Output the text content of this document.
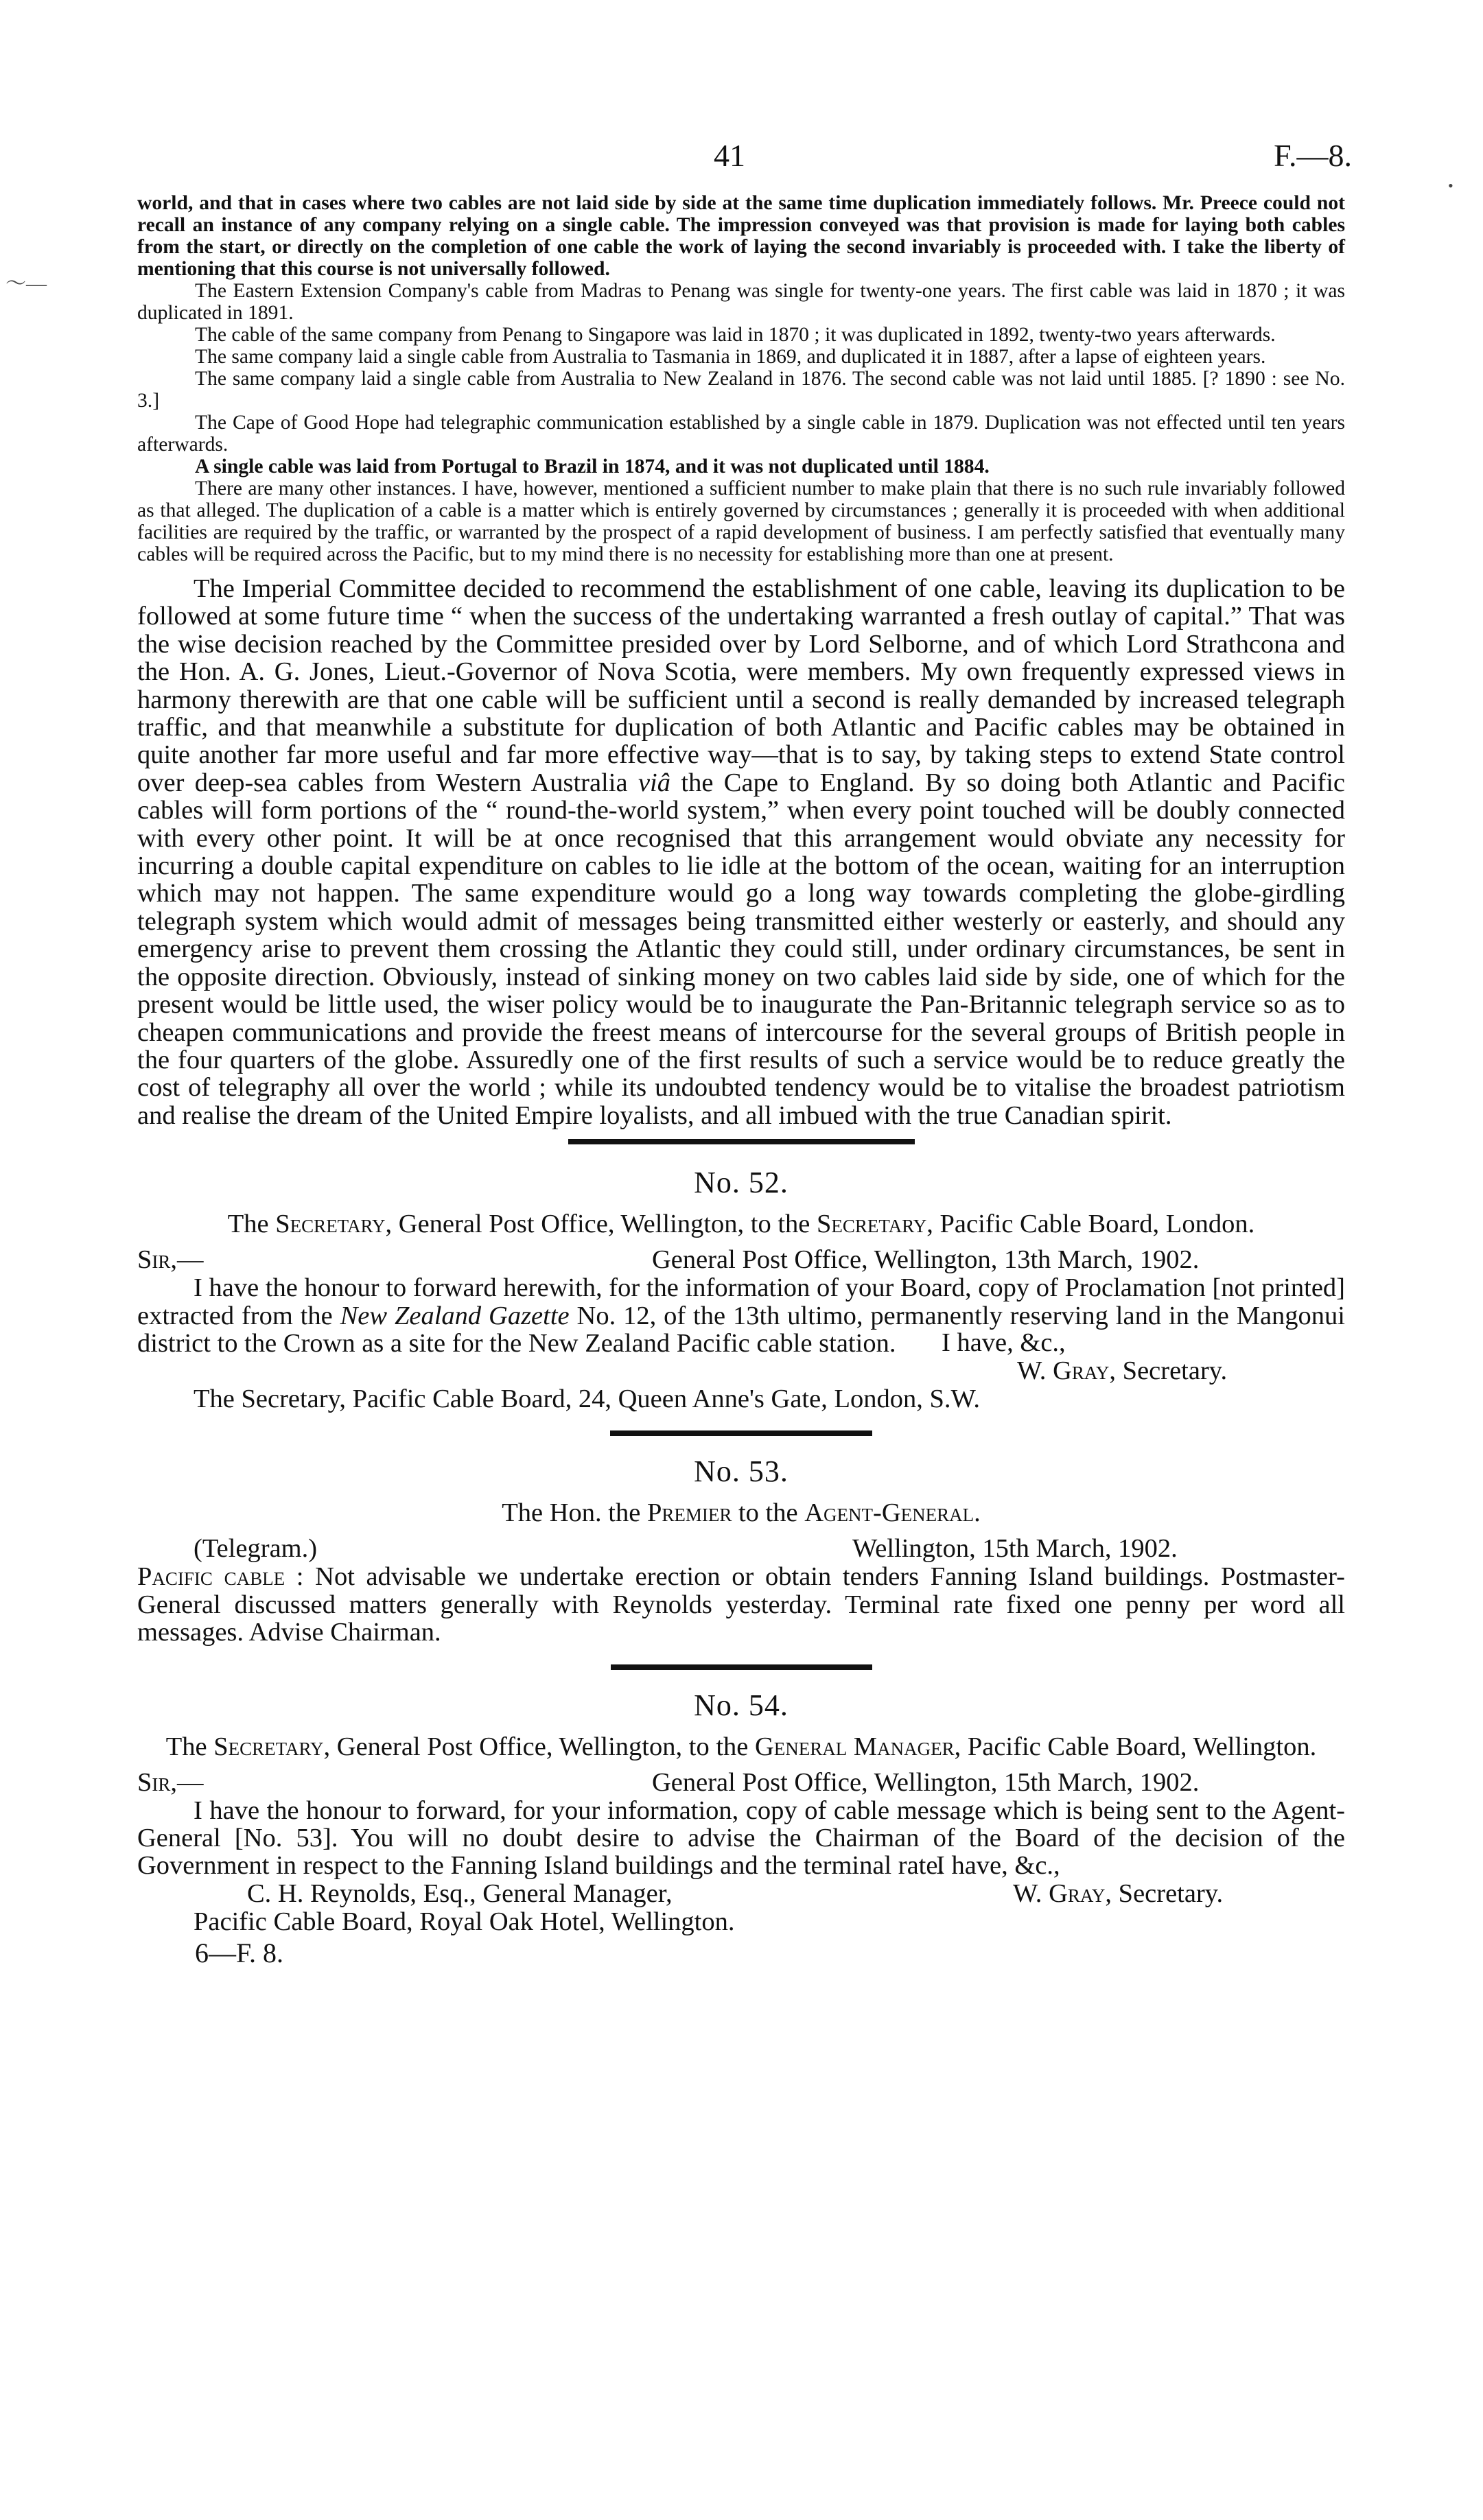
41	F.—8.

world, and that in cases where two cables are not laid side by side at the same time duplication immediately follows. Mr. Preece could not recall an instance of any company relying on a single cable. The impression conveyed was that provision is made for laying both cables from the start, or directly on the completion of one cable the work of laying the second invariably is proceeded with. I take the liberty of mentioning that this course is not universally followed.

The Eastern Extension Company's cable from Madras to Penang was single for twenty-one years. The first cable was laid in 1870 ; it was duplicated in 1891.

The cable of the same company from Penang to Singapore was laid in 1870 ; it was duplicated in 1892, twenty-two years afterwards.

The same company laid a single cable from Australia to Tasmania in 1869, and duplicated it in 1887, after a lapse of eighteen years.

The same company laid a single cable from Australia to New Zealand in 1876. The second cable was not laid until 1885. [? 1890 : see No. 3.]

The Cape of Good Hope had telegraphic communication established by a single cable in 1879. Duplication was not effected until ten years afterwards.

A single cable was laid from Portugal to Brazil in 1874, and it was not duplicated until 1884.

There are many other instances. I have, however, mentioned a sufficient number to make plain that there is no such rule invariably followed as that alleged. The duplication of a cable is a matter which is entirely governed by circumstances ; generally it is proceeded with when additional facilities are required by the traffic, or warranted by the prospect of a rapid development of business. I am perfectly satisfied that eventually many cables will be required across the Pacific, but to my mind there is no necessity for establishing more than one at present.

The Imperial Committee decided to recommend the establishment of one cable, leaving its duplication to be followed at some future time “ when the success of the undertaking warranted a fresh outlay of capital.” That was the wise decision reached by the Committee presided over by Lord Selborne, and of which Lord Strathcona and the Hon. A. G. Jones, Lieut.-Governor of Nova Scotia, were members. My own frequently expressed views in harmony therewith are that one cable will be sufficient until a second is really demanded by increased telegraph traffic, and that meanwhile a substitute for duplication of both Atlantic and Pacific cables may be obtained in quite another far more useful and far more effective way—that is to say, by taking steps to extend State control over deep-sea cables from Western Australia viâ the Cape to England. By so doing both Atlantic and Pacific cables will form portions of the “ round-the-world system,” when every point touched will be doubly connected with every other point. It will be at once recognised that this arrangement would obviate any necessity for incurring a double capital expenditure on cables to lie idle at the bottom of the ocean, waiting for an interruption which may not happen. The same expenditure would go a long way towards completing the globe-girdling telegraph system which would admit of messages being transmitted either westerly or easterly, and should any emergency arise to prevent them crossing the Atlantic they could still, under ordinary circumstances, be sent in the opposite direction. Obviously, instead of sinking money on two cables laid side by side, one of which for the present would be little used, the wiser policy would be to inaugurate the Pan-Britannic telegraph service so as to cheapen communications and provide the freest means of intercourse for the several groups of British people in the four quarters of the globe. Assuredly one of the first results of such a service would be to reduce greatly the cost of telegraphy all over the world ; while its undoubted tendency would be to vitalise the broadest patriotism and realise the dream of the United Empire loyalists, and all imbued with the true Canadian spirit.

No. 52.

The Secretary, General Post Office, Wellington, to the Secretary, Pacific Cable Board, London.

Sir,—	General Post Office, Wellington, 13th March, 1902.

I have the honour to forward herewith, for the information of your Board, copy of Proclamation [not printed] extracted from the New Zealand Gazette No. 12, of the 13th ultimo, permanently reserving land in the Mangonui district to the Crown as a site for the New Zealand Pacific cable station.	I have, &c.,
W. Gray, Secretary.

The Secretary, Pacific Cable Board, 24, Queen Anne's Gate, London, S.W.

No. 53.

The Hon. the Premier to the Agent-General.

(Telegram.)	Wellington, 15th March, 1902.

Pacific cable : Not advisable we undertake erection or obtain tenders Fanning Island buildings. Postmaster-General discussed matters generally with Reynolds yesterday. Terminal rate fixed one penny per word all messages. Advise Chairman.

No. 54.

The Secretary, General Post Office, Wellington, to the General Manager, Pacific Cable Board, Wellington.

Sir,—	General Post Office, Wellington, 15th March, 1902.

I have the honour to forward, for your information, copy of cable message which is being sent to the Agent-General [No. 53]. You will no doubt desire to advise the Chairman of the Board of the decision of the Government in respect to the Fanning Island buildings and the terminal rate.

I have, &c.,
C. H. Reynolds, Esq., General Manager,	W. Gray, Secretary.

Pacific Cable Board, Royal Oak Hotel, Wellington.

6—F. 8.

〜—
•
